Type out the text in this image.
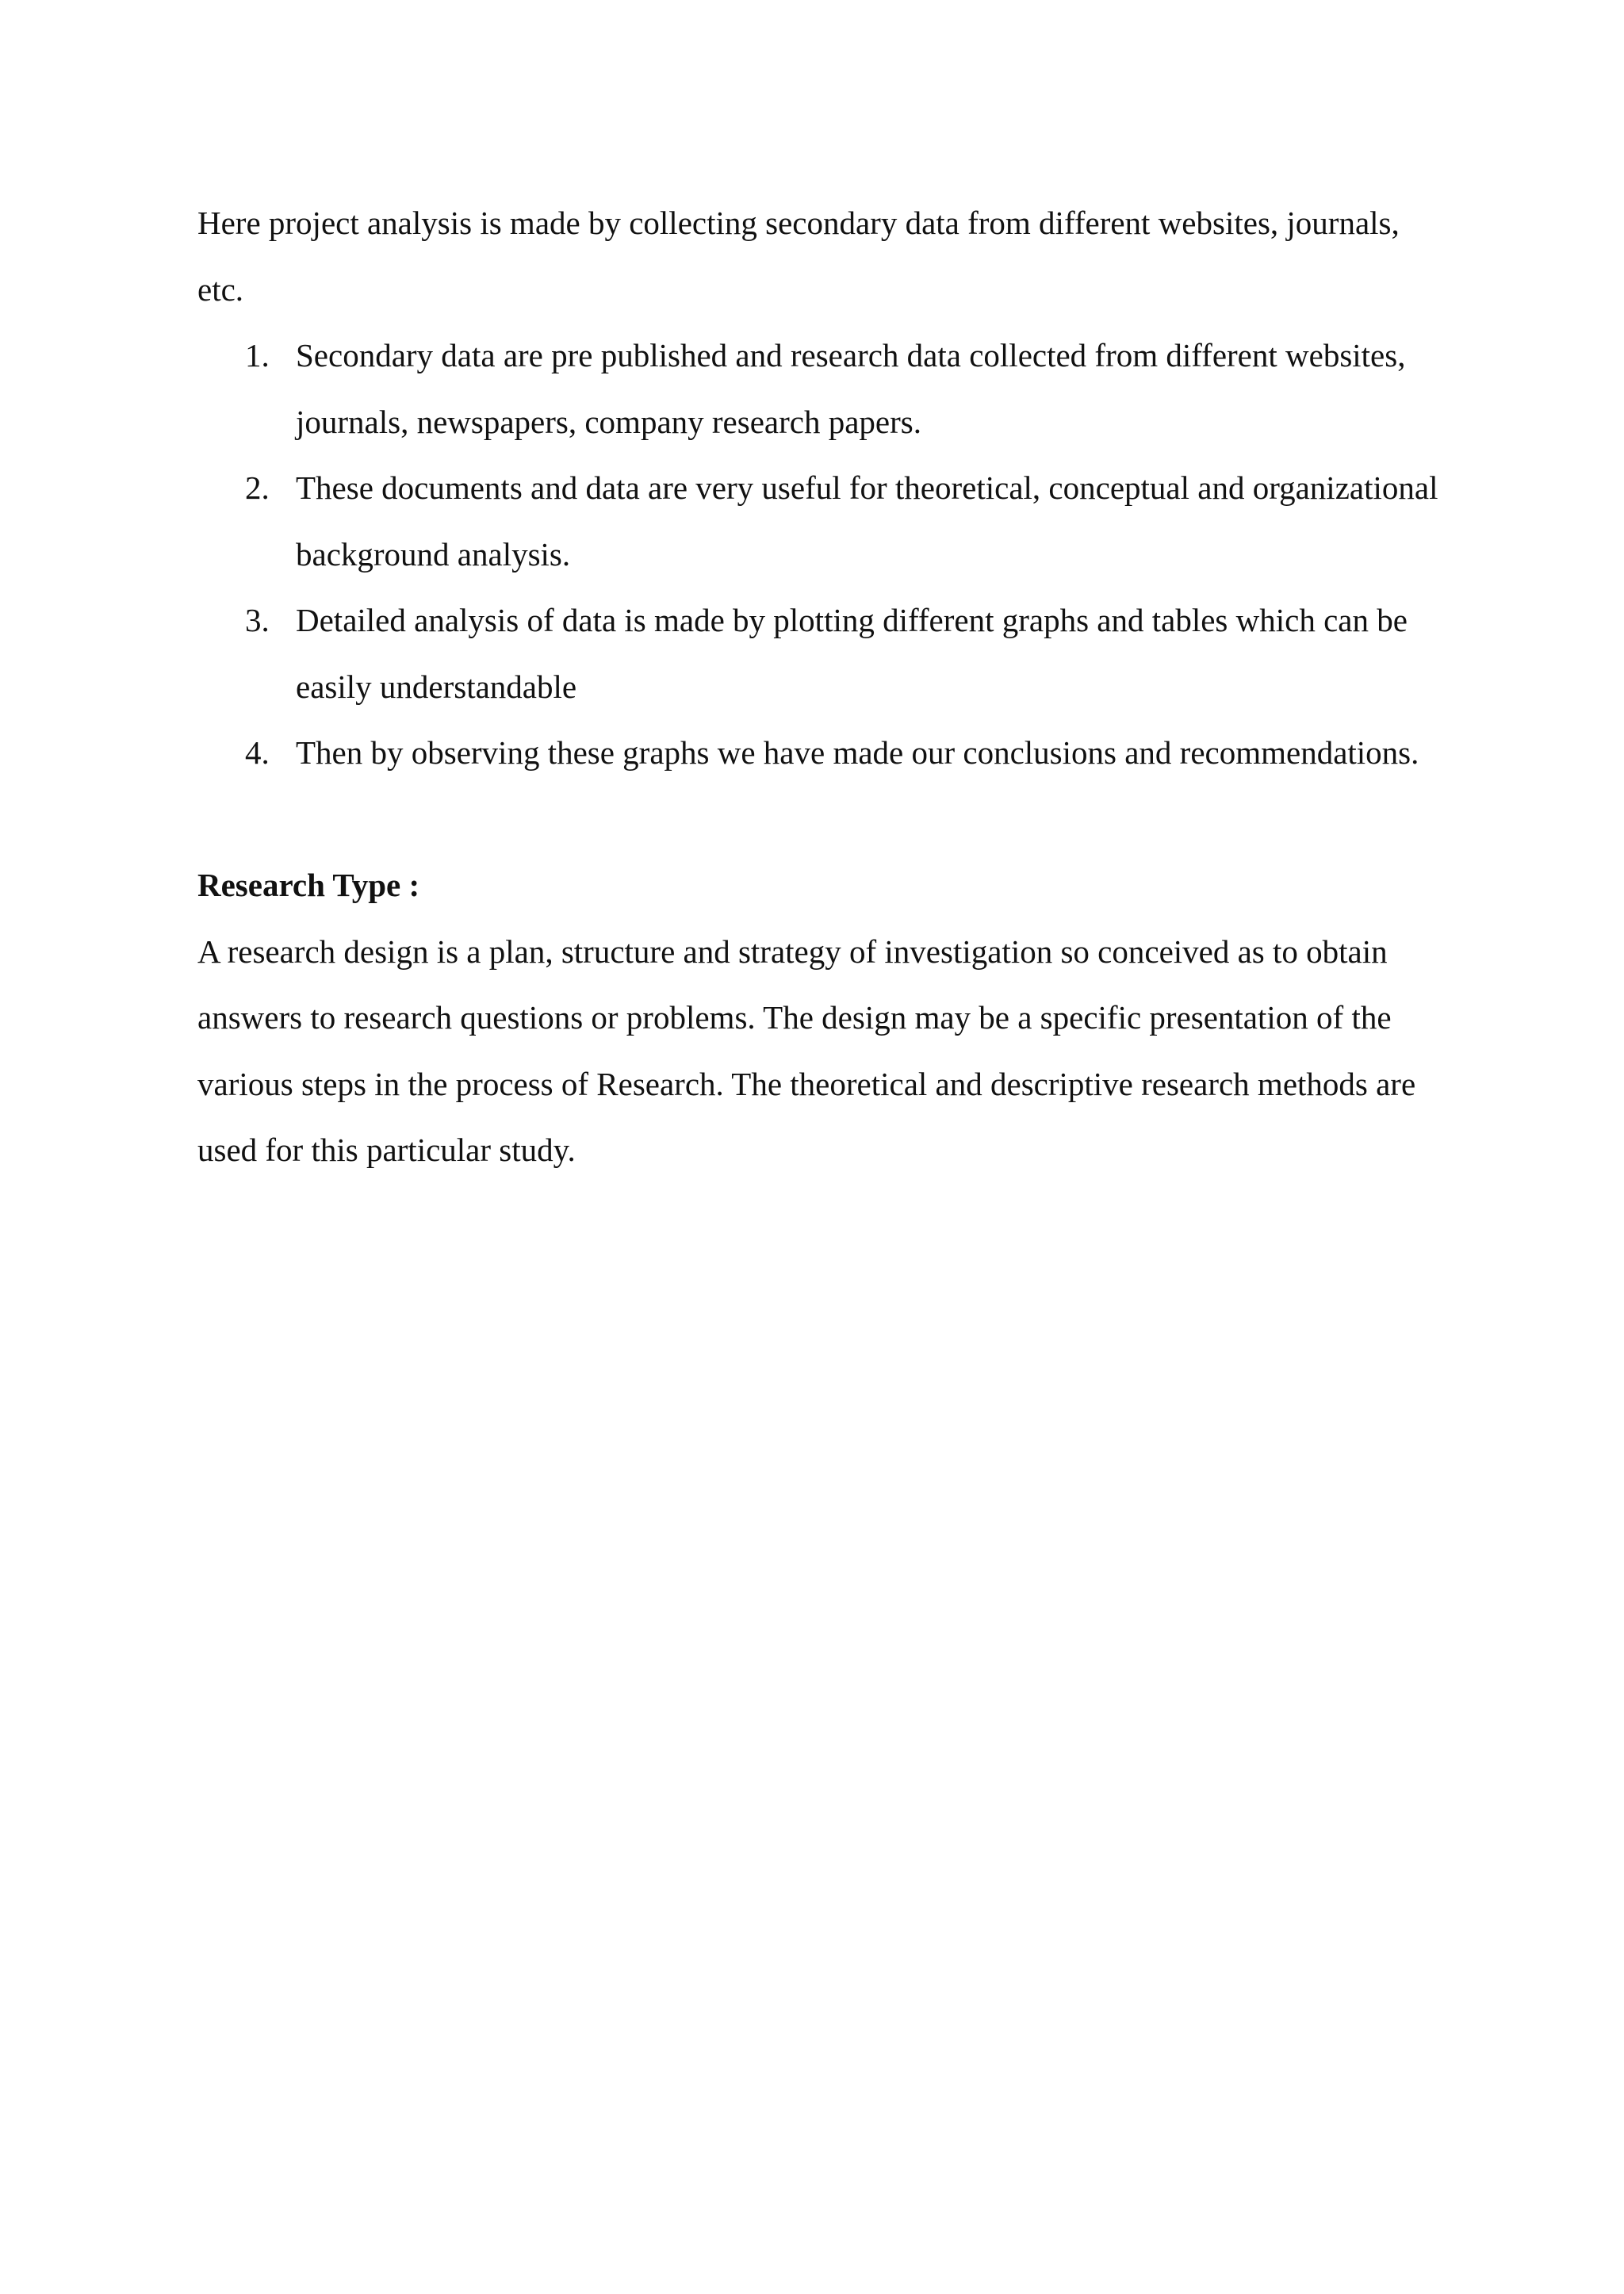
Here project analysis is made by collecting secondary data from different websites, journals, etc.

1. Secondary data are pre published and research data collected from different websites, journals, newspapers, company research papers.
2. These documents and data are very useful for theoretical, conceptual and organizational background analysis.
3. Detailed analysis of data is made by plotting different graphs and tables which can be easily understandable
4. Then by observing these graphs we have made our conclusions and recommendations.

Research Type :

A research design is a plan, structure and strategy of investigation so conceived as to obtain answers to research questions or problems. The design may be a specific presentation of the various steps in the process of Research. The theoretical and descriptive research methods are used for this particular study.
